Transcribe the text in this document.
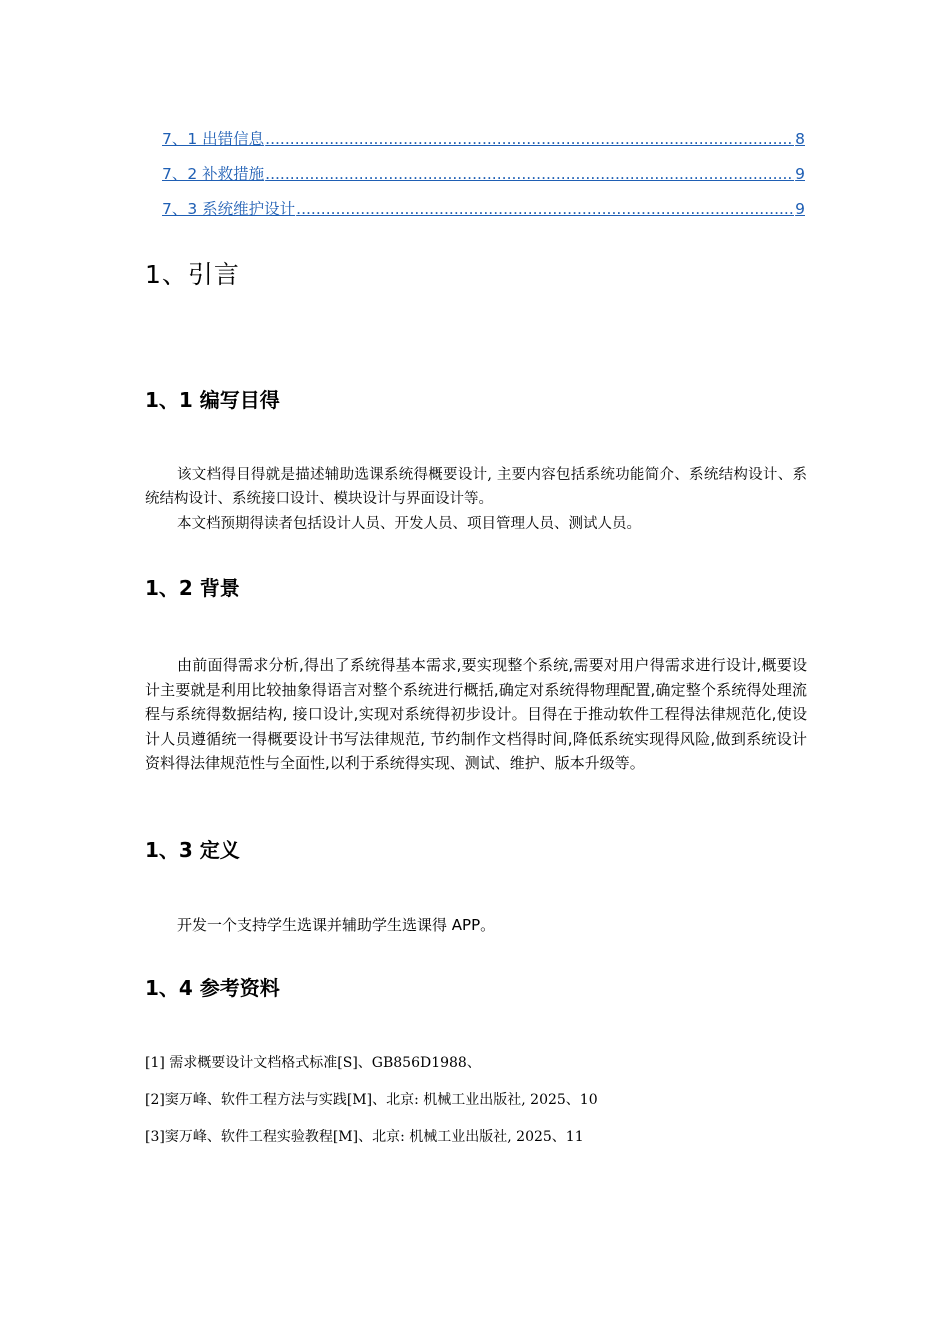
7、1 出错信息 .....	8
7、2 补救措施 .....	9
7、3 系统维护设计 .....	9
1、引言
1、1 编写目得

该文档得目得就是描述辅助选课系统得概要设计, 主要内容包括系统功能简介、系统结构设计、系统结构设计、系统接口设计、模块设计与界面设计等。

本文档预期得读者包括设计人员、开发人员、项目管理人员、测试人员。

1、2 背景

由前面得需求分析,得出了系统得基本需求,要实现整个系统,需要对用户得需求进行设计,概要设计主要就是利用比较抽象得语言对整个系统进行概括,确定对系统得物理配置,确定整个系统得处理流程与系统得数据结构, 接口设计,实现对系统得初步设计。目得在于推动软件工程得法律规范化,使设计人员遵循统一得概要设计书写法律规范, 节约制作文档得时间,降低系统实现得风险,做到系统设计资料得法律规范性与全面性,以利于系统得实现、测试、维护、版本升级等。

1、3 定义

开发一个支持学生选课并辅助学生选课得 APP。

1、4 参考资料

[1] 需求概要设计文档格式标准[S]、GB856D1988、

[2]窦万峰、软件工程方法与实践[M]、北京: 机械工业出版社, 2025、10

[3]窦万峰、软件工程实验教程[M]、北京: 机械工业出版社, 2025、11
